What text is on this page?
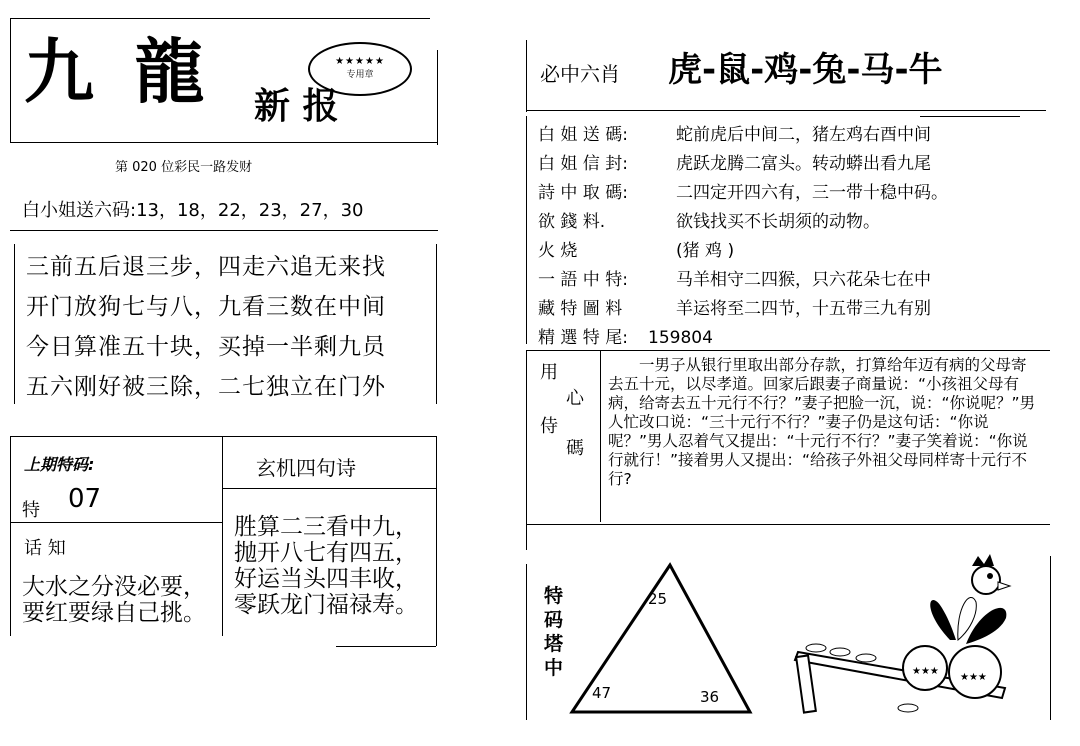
九 龍 新 报
★★★★★
专用章
第 020 位彩民一路发财
白小姐送六码:13，18，22，23，27，30
三前五后退三步，四走六追无来找
开门放狗七与八，九看三数在中间
今日算准五十块，买掉一半剩九员
五六刚好被三除，二七独立在门外
上期特码:
特 07
话 知
大水之分没必要，
要红要绿自己挑。
玄机四句诗
胜算二三看中九，
抛开八七有四五，
好运当头四丰收，
零跃龙门福禄寿。
必中六肖 虎-鼠-鸡-兔-马-牛
白 姐 送 碼:	蛇前虎后中间二，猪左鸡右酉中间
白 姐 信 封:	虎跃龙腾二富头。转动蟒出看九尾
詩 中 取 碼:	二四定开四六有，三一带十稳中码。
欲 錢 料.	欲钱找买不长胡须的动物。
火 烧	(猪 鸡 )
一 語 中 特:	马羊相守二四猴，只六花朵七在中
藏 特 圖 料	羊运将至二四节，十五带三九有别
精 選 特 尾: 159804
用
心
侍
碼
一男子从银行里取出部分存款，打算给年迈有病的父母寄去五十元，以尽孝道。回家后跟妻子商量说：“小孩祖父母有病，给寄去五十元行不行？”妻子把脸一沉，说：“你说呢？”男人忙改口说：“三十元行不行？”妻子仍是这句话：“你说呢？”男人忍着气又提出：“十元行不行？”妻子笑着说：“你说行就行！”接着男人又提出：“给孩子外祖父母同样寄十元行不行?
特
码
塔
中
25
47	36
★★★
★★★
